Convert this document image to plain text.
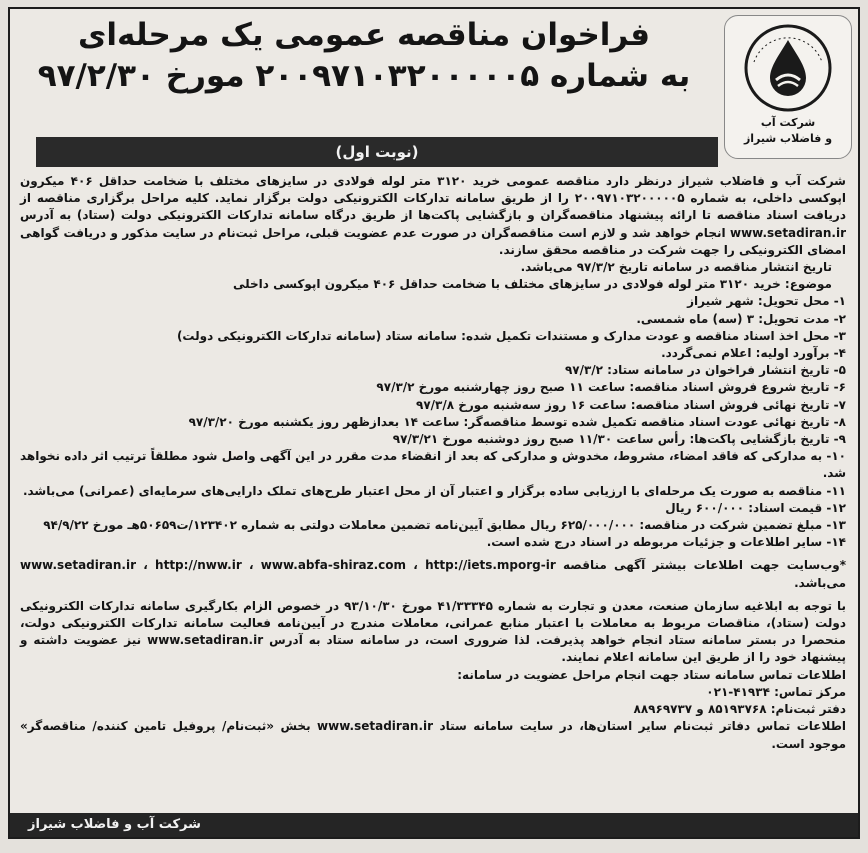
شرکت آب
و فاضلاب شیراز
فراخوان مناقصه عمومی یک مرحله‌ای
به شماره ۲۰۰۹۷۱۰۳۲۰۰۰۰۰۵ مورخ ۹۷/۲/۳۰
(نوبت اول)

شرکت آب و فاضلاب شیراز درنظر دارد مناقصه عمومی خرید ۳۱۲۰ متر لوله فولادی در سایزهای مختلف با ضخامت حداقل ۴۰۶ میکرون اپوکسی داخلی، به شماره ۲۰۰۹۷۱۰۳۲۰۰۰۰۰۵ را از طریق سامانه تدارکات الکترونیکی دولت برگزار نماید. کلیه مراحل برگزاری مناقصه از دریافت اسناد مناقصه تا ارائه پیشنهاد مناقصه‌گران و بازگشایی پاکت‌ها از طریق درگاه سامانه تدارکات الکترونیکی دولت (ستاد) به آدرس www.setadiran.ir انجام خواهد شد و لازم است مناقصه‌گران در صورت عدم عضویت قبلی، مراحل ثبت‌نام در سایت مذکور و دریافت گواهی امضای الکترونیکی را جهت شرکت در مناقصه محقق سازند.

تاریخ انتشار مناقصه در سامانه تاریخ ۹۷/۳/۲ می‌باشد.

موضوع: خرید ۳۱۲۰ متر لوله فولادی در سایزهای مختلف با ضخامت حداقل ۴۰۶ میکرون اپوکسی داخلی

۱- محل تحویل: شهر شیراز
۲- مدت تحویل: ۳ (سه) ماه شمسی.
۳- محل اخذ اسناد مناقصه و عودت مدارک و مستندات تکمیل شده: سامانه ستاد (سامانه تدارکات الکترونیکی دولت)
۴- برآورد اولیه: اعلام نمی‌گردد.
۵- تاریخ انتشار فراخوان در سامانه ستاد: ۹۷/۳/۲
۶- تاریخ شروع فروش اسناد مناقصه: ساعت ۱۱ صبح روز چهارشنبه مورخ ۹۷/۳/۲
۷- تاریخ نهائی فروش اسناد مناقصه: ساعت ۱۶ روز سه‌شنبه مورخ ۹۷/۳/۸
۸- تاریخ نهائی عودت اسناد مناقصه تکمیل شده توسط مناقصه‌گر: ساعت ۱۴ بعدازظهر روز یکشنبه مورخ ۹۷/۳/۲۰
۹- تاریخ بازگشایی پاکت‌ها: رأس ساعت ۱۱/۳۰ صبح روز دوشنبه مورخ ۹۷/۳/۲۱
۱۰- به مدارکی که فاقد امضاء، مشروط، مخدوش و مدارکی که بعد از انقضاء مدت مقرر در این آگهی واصل شود مطلقاً ترتیب اثر داده نخواهد شد.
۱۱- مناقصه به صورت یک مرحله‌ای با ارزیابی ساده برگزار و اعتبار آن از محل اعتبار طرح‌های تملک دارایی‌های سرمایه‌ای (عمرانی) می‌باشد.
۱۲- قیمت اسناد: ۶۰۰/۰۰۰ ریال
۱۳- مبلغ تضمین شرکت در مناقصه: ۶۲۵/۰۰۰/۰۰۰ ریال مطابق آیین‌نامه تضمین معاملات دولتی به شماره ۱۲۳۴۰۲/ت۵۰۶۵۹هـ مورخ ۹۴/۹/۲۲
۱۴- سایر اطلاعات و جزئیات مربوطه در اسناد درج شده است.

*وب‌سایت جهت اطلاعات بیشتر آگهی مناقصه www.setadiran.ir ، http://nww.ir ، www.abfa-shiraz.com ، http://iets.mporg-ir می‌باشد.

با توجه به ابلاغیه سازمان صنعت، معدن و تجارت به شماره ۴۱/۳۳۳۴۵ مورخ ۹۳/۱۰/۳۰ در خصوص الزام بکارگیری سامانه تدارکات الکترونیکی دولت (ستاد)، مناقصات مربوط به معاملات با اعتبار منابع عمرانی، معاملات مندرج در آیین‌نامه فعالیت سامانه تدارکات الکترونیکی دولت، منحصرا در بستر سامانه ستاد انجام خواهد پذیرفت. لذا ضروری است، در سامانه ستاد به آدرس www.setadiran.ir نیز عضویت داشته و پیشنهاد خود را از طریق این سامانه اعلام نمایند.

اطلاعات تماس سامانه ستاد جهت انجام مراحل عضویت در سامانه:

مرکز تماس: ۴۱۹۳۴-۰۲۱

دفتر ثبت‌نام: ۸۵۱۹۳۷۶۸ و ۸۸۹۶۹۷۳۷

اطلاعات تماس دفاتر ثبت‌نام سایر استان‌ها، در سایت سامانه ستاد www.setadiran.ir بخش «ثبت‌نام/ پروفیل تامین کننده/ مناقصه‌گر» موجود است.

شرکت آب و فاضلاب شیراز
